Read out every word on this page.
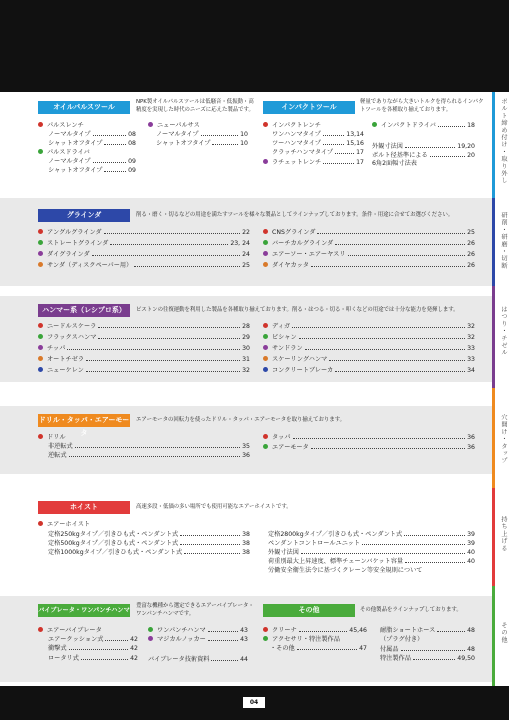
ボルト締め付け・取り外し
研削・研磨・切断
はつり・チゼル
穴開け・タップ
持ち上げる
その他
オイルパルスツール
NPK製オイルパルスツールは低騒音・低振動・高精度を実現した時代のニーズに応えた製品です。	インパクトツール
軽量でありながら大きいトルクを得られるインパクトツールを各種取り揃えております。
パルスレンチ
ノーマルタイプ	08
シャットオフタイプ	08
パルスドライバ
ノーマルタイプ	09
シャットオフタイプ	09
ニューパルサス
ノーマルタイプ	10
シャットオフタイプ	10
インパクトレンチ
ワンハンマタイプ	13,14
ツーハンマタイプ	15,16
クラッチハンマタイプ	17
ラチェットレンチ	17
インパクトドライバ	18
外観寸法図	19,20
ボルト径基準による	20
6角2面幅寸法表
グラインダ	削る・磨く・切るなどの用途を満たすツールを様々な製品としてラインナップしております。条件・用途に合せてお選びください。
アングルグラインダ	22
ストレートグラインダ	23, 24
ダイグラインダ	24
サンダ（ディスクペーパー用）	25
CNSグラインダ	25
バーチカルグラインダ	26
エアーソー・エアーヤスリ	26
ダイヤカッタ	26
ハンマー系（レシプロ系）	ピストンの往復運動を利用した製品を各種取り揃えております。削る・はつる・切る・叩くなどの用途では十分な能力を発揮します。
ニードルスケーラ	28
フラックスハンマ	29
チッパ	30
オートチゼラ	31
ニューケレン	32
ディガ	32
ビシャン	32
サンドラン	33
スケーリングハンマ	33
コンクリートブレーカ	34
ドリル・タッパ・エアーモータ
エアーモータの回転力を使ったドリル・タッパ・エアーモータを取り揃えております。
ドリル
非逆転式	35
逆転式	36
タッパ	36
エアーモータ	36
ホイスト	高速多段・低価の多い場所でも使用可能なエアーホイストです。
エアーホイスト
定格250kgタイプ／引きひも式・ペンダント式	38
定格500kgタイプ／引きひも式・ペンダント式	38
定格1000kgタイプ／引きひも式・ペンダント式	38
定格2800kgタイプ／引きひも式・ペンダント式	39
ペンダントコントロールユニット	39
外観寸法図	40
荷重別最大上昇速度、標準チェーンバケット容量	40
労働安全衛生法令に基づくクレーン等安全規則について
バイブレータ・ワンパンチハンマ
豊富な機種から選定できるエアーバイブレータ・ワンパンチハンマです。	その他	その他製品をラインナップしております。
エアーバイブレータ
エアークッション式	42
衝撃式	42
ロータリ式	42
ワンパンチハンマ	43
マジカルノッカー	43
バイブレータ技術資料	44
クリーナ	45,46
アクセサリ・特注製作品
・その他	47
耐脂ショートホース	48
（プラグ付き）
付属品	48
特注製作品	49,50
04
